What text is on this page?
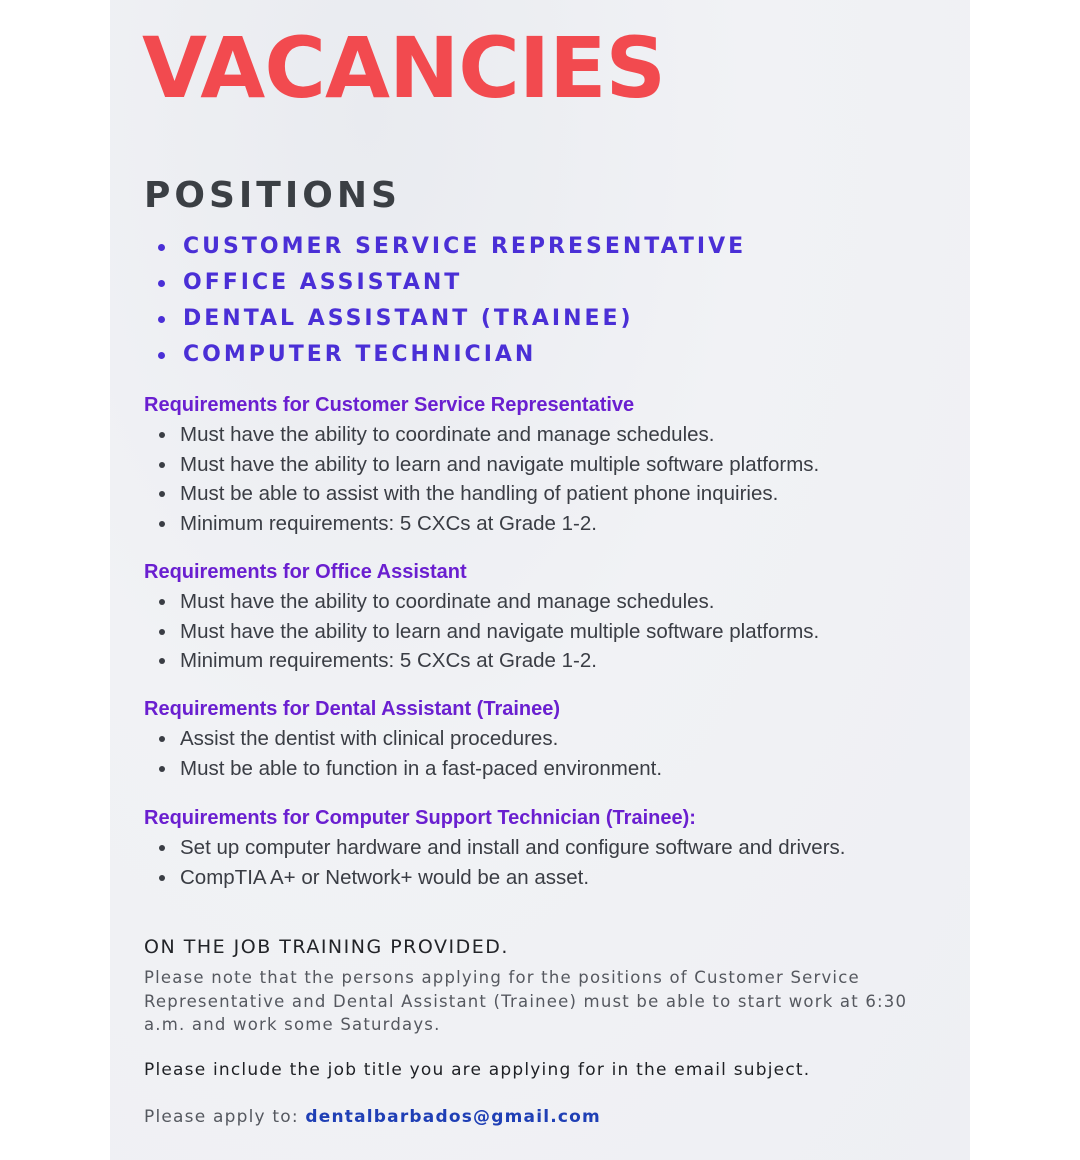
VACANCIES
POSITIONS
CUSTOMER SERVICE REPRESENTATIVE
OFFICE ASSISTANT
DENTAL ASSISTANT (TRAINEE)
COMPUTER TECHNICIAN
Requirements for Customer Service Representative
Must have the ability to coordinate and manage schedules.
Must have the ability to learn and navigate multiple software platforms.
Must be able to assist with the handling of patient phone inquiries.
Minimum requirements: 5 CXCs at Grade 1-2.
Requirements for Office Assistant
Must have the ability to coordinate and manage schedules.
Must have the ability to learn and navigate multiple software platforms.
Minimum requirements: 5 CXCs at Grade 1-2.
Requirements for Dental Assistant (Trainee)
Assist the dentist with clinical procedures.
Must be able to function in a fast-paced environment.
Requirements for Computer Support Technician (Trainee):
Set up computer hardware and install and configure software and drivers.
CompTIA A+ or Network+ would be an asset.

ON THE JOB TRAINING PROVIDED.

Please note that the persons applying for the positions of Customer Service Representative and Dental Assistant (Trainee) must be able to start work at 6:30 a.m. and work some Saturdays.

Please include the job title you are applying for in the email subject.

Please apply to: dentalbarbados@gmail.com
